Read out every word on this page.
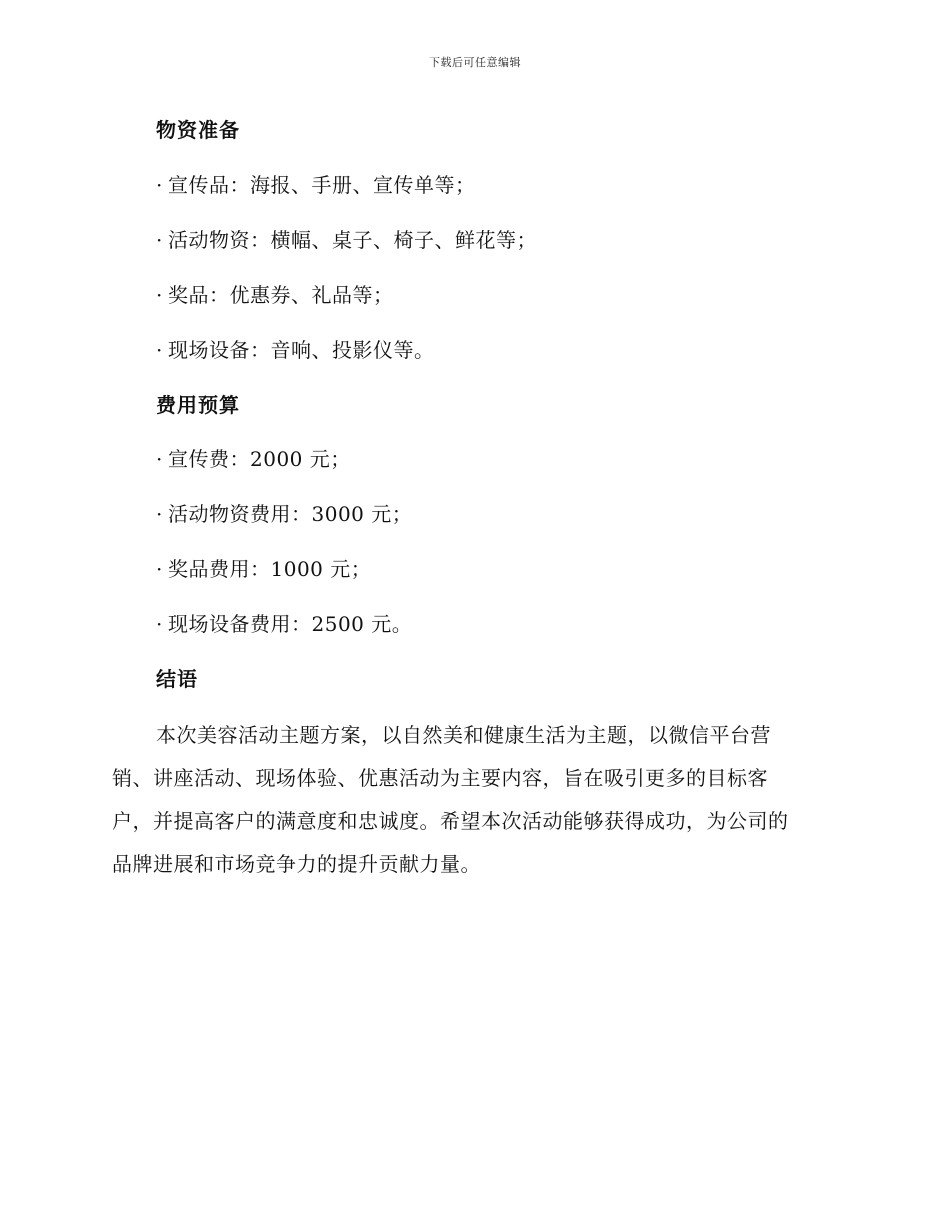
下载后可任意编辑
物资准备
· 宣传品：海报、手册、宣传单等；
· 活动物资：横幅、桌子、椅子、鲜花等；
· 奖品：优惠券、礼品等；
· 现场设备：音响、投影仪等。
费用预算
· 宣传费：2000 元；
· 活动物资费用：3000 元；
· 奖品费用：1000 元；
· 现场设备费用：2500 元。
结语
本次美容活动主题方案，以自然美和健康生活为主题，以微信平台营
销、讲座活动、现场体验、优惠活动为主要内容，旨在吸引更多的目标客
户，并提高客户的满意度和忠诚度。希望本次活动能够获得成功，为公司的
品牌进展和市场竞争力的提升贡献力量。
